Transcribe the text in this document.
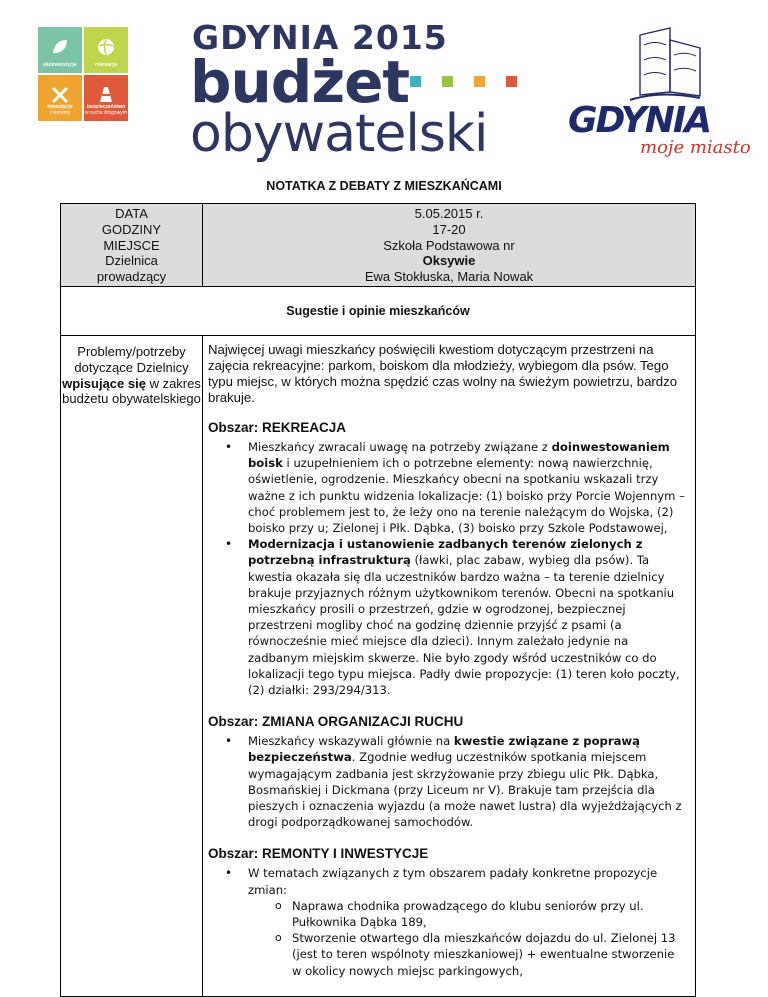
ekoinwestycje	rekreacja
inwestycje
i remonty
bezpieczeństwo
w ruchu drogowym
GDYNIA 2015
budżet
obywatelski GDYNIA
moje miasto
NOTATKA Z DEBATY Z MIESZKAŃCAMI
DATA
GODZINY
MIEJSCE
Dzielnica
prowadzący
5.05.2015 r.
17-20
Szkoła Podstawowa nr
Oksywie
Ewa Stokłuska, Maria Nowak
Sugestie i opinie mieszkańców
Problemy/potrzeby dotyczące Dzielnicy
wpisujące się w zakres budżetu obywatelskiego

Najwięcej uwagi mieszkańcy poświęcili kwestiom dotyczącym przestrzeni na zajęcia rekreacyjne: parkom, boiskom dla młodzieży, wybiegom dla psów. Tego typu miejsc, w których można spędzić czas wolny na świeżym powietrzu, bardzo brakuje.

Obszar: REKREACJA
• Mieszkańcy zwracali uwagę na potrzeby związane z doinwestowaniem boisk i uzupełnieniem ich o potrzebne elementy: nową nawierzchnię, oświetlenie, ogrodzenie. Mieszkańcy obecni na spotkaniu wskazali trzy ważne z ich punktu widzenia lokalizacje: (1) boisko przy Porcie Wojennym – choć problemem jest to, że leży ono na terenie należącym do Wojska, (2) boisko przy u; Zielonej i Płk. Dąbka, (3) boisko przy Szkole Podstawowej,
• Modernizacja i ustanowienie zadbanych terenów zielonych z potrzebną infrastrukturą (ławki, plac zabaw, wybieg dla psów). Ta kwestia okazała się dla uczestników bardzo ważna – ta terenie dzielnicy brakuje przyjaznych różnym użytkownikom terenów. Obecni na spotkaniu mieszkańcy prosili o przestrzeń, gdzie w ogrodzonej, bezpiecznej przestrzeni mogliby choć na godzinę dziennie przyjść z psami (a równocześnie mieć miejsce dla dzieci). Innym zależało jedynie na zadbanym miejskim skwerze. Nie było zgody wśród uczestników co do lokalizacji tego typu miejsca. Padły dwie propozycje: (1) teren koło poczty, (2) działki: 293/294/313.
Obszar: ZMIANA ORGANIZACJI RUCHU
• Mieszkańcy wskazywali głównie na kwestie związane z poprawą bezpieczeństwa. Zgodnie według uczestników spotkania miejscem wymagającym zadbania jest skrzyżowanie przy zbiegu ulic Płk. Dąbka, Bosmańskiej i Dickmana (przy Liceum nr V). Brakuje tam przejścia dla pieszych i oznaczenia wyjazdu (a może nawet lustra) dla wyjeżdżających z drogi podporządkowanej samochodów.
Obszar: REMONTY I INWESTYCJE
• W tematach związanych z tym obszarem padały konkretne propozycje zmian:
o Naprawa chodnika prowadzącego do klubu seniorów przy ul. Pułkownika Dąbka 189,
o Stworzenie otwartego dla mieszkańców dojazdu do ul. Zielonej 13 (jest to teren wspólnoty mieszkaniowej) + ewentualne stworzenie w okolicy nowych miejsc parkingowych,
